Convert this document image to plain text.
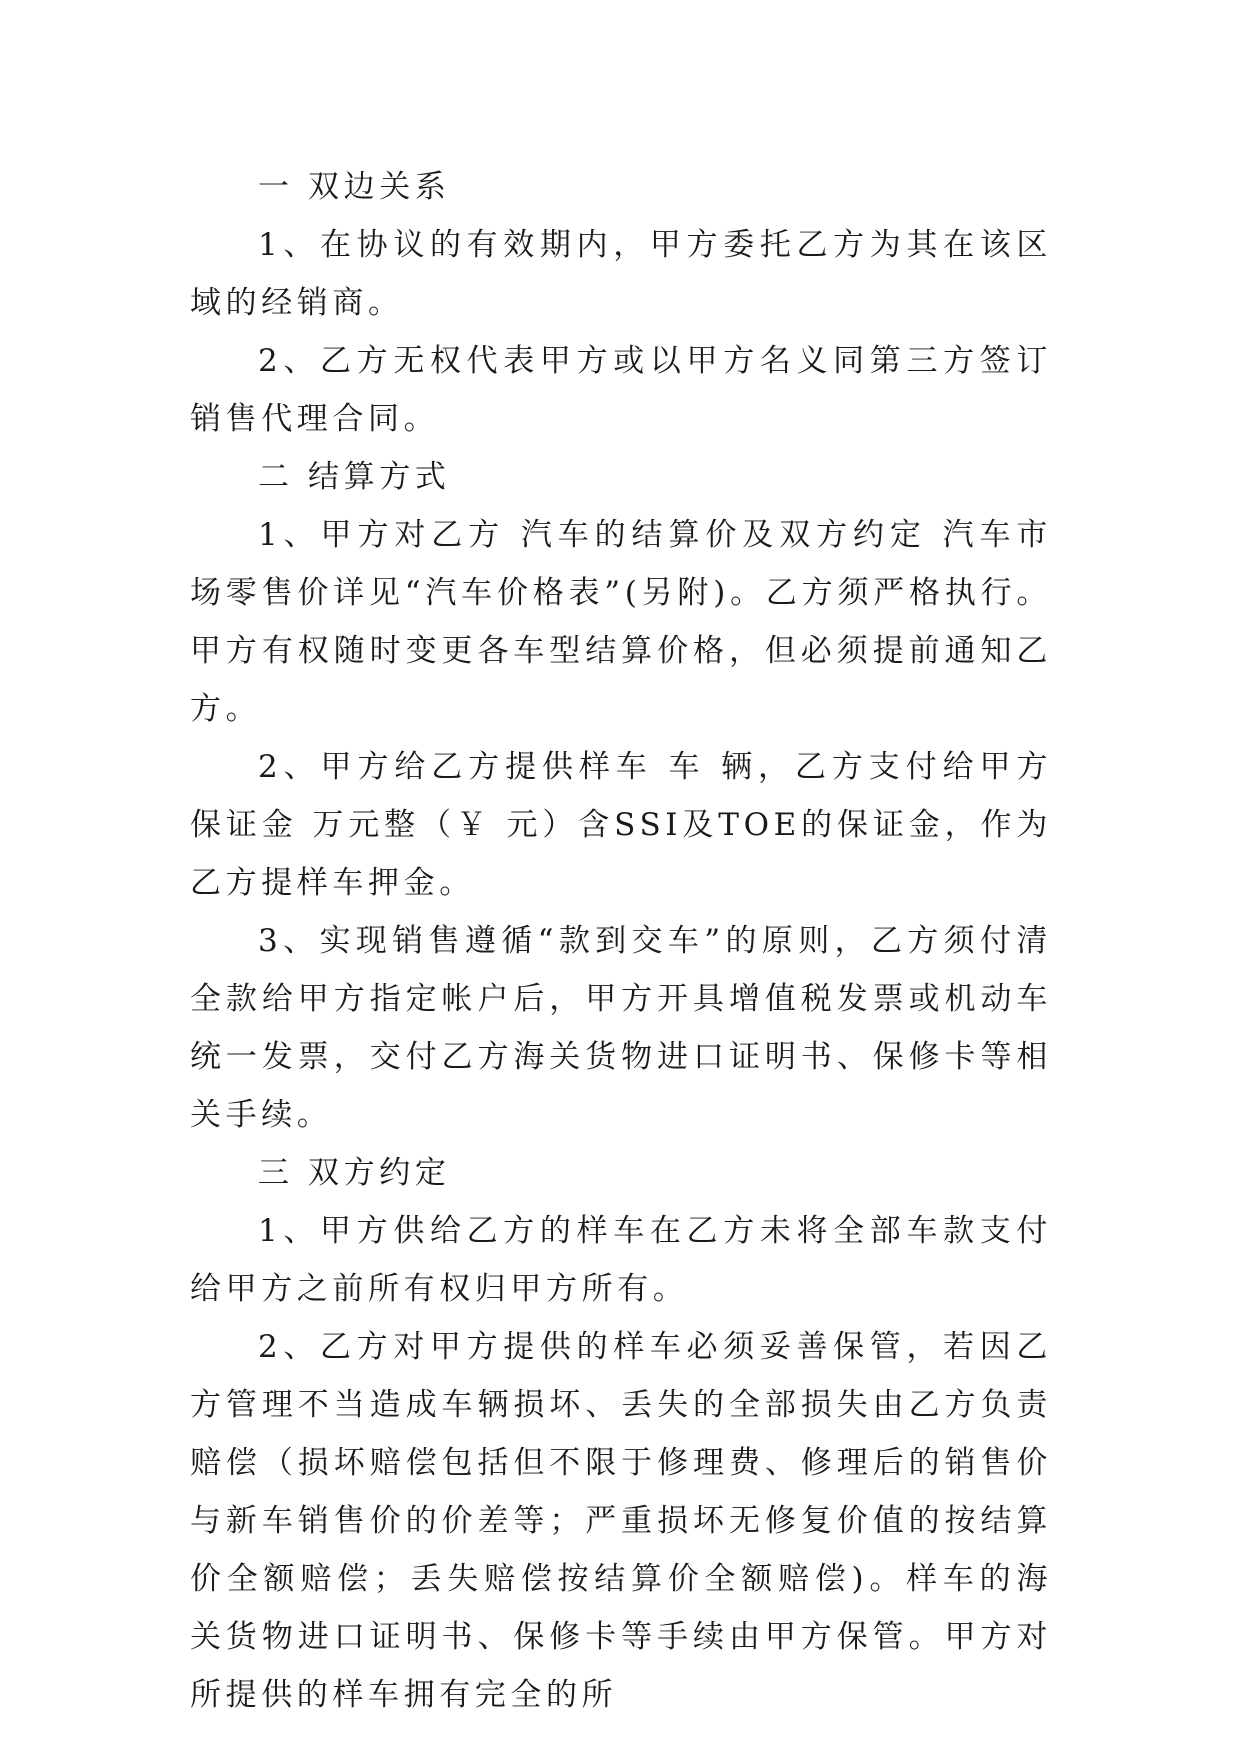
一 双边关系

1、在协议的有效期内，甲方委托乙方为其在该区域的经销商。

2、乙方无权代表甲方或以甲方名义同第三方签订销售代理合同。

二 结算方式

1、甲方对乙方 汽车的结算价及双方约定 汽车市场零售价详见“汽车价格表”(另附)。乙方须严格执行。甲方有权随时变更各车型结算价格，但必须提前通知乙方。

2、甲方给乙方提供样车 车 辆，乙方支付给甲方保证金 万元整（￥ 元）含SSI及TOE的保证金，作为乙方提样车押金。

3、实现销售遵循“款到交车”的原则，乙方须付清全款给甲方指定帐户后，甲方开具增值税发票或机动车统一发票，交付乙方海关货物进口证明书、保修卡等相关手续。

三 双方约定

1、甲方供给乙方的样车在乙方未将全部车款支付给甲方之前所有权归甲方所有。

2、乙方对甲方提供的样车必须妥善保管，若因乙方管理不当造成车辆损坏、丢失的全部损失由乙方负责赔偿（损坏赔偿包括但不限于修理费、修理后的销售价与新车销售价的价差等；严重损坏无修复价值的按结算价全额赔偿；丢失赔偿按结算价全额赔偿)。样车的海关货物进口证明书、保修卡等手续由甲方保管。甲方对所提供的样车拥有完全的所
